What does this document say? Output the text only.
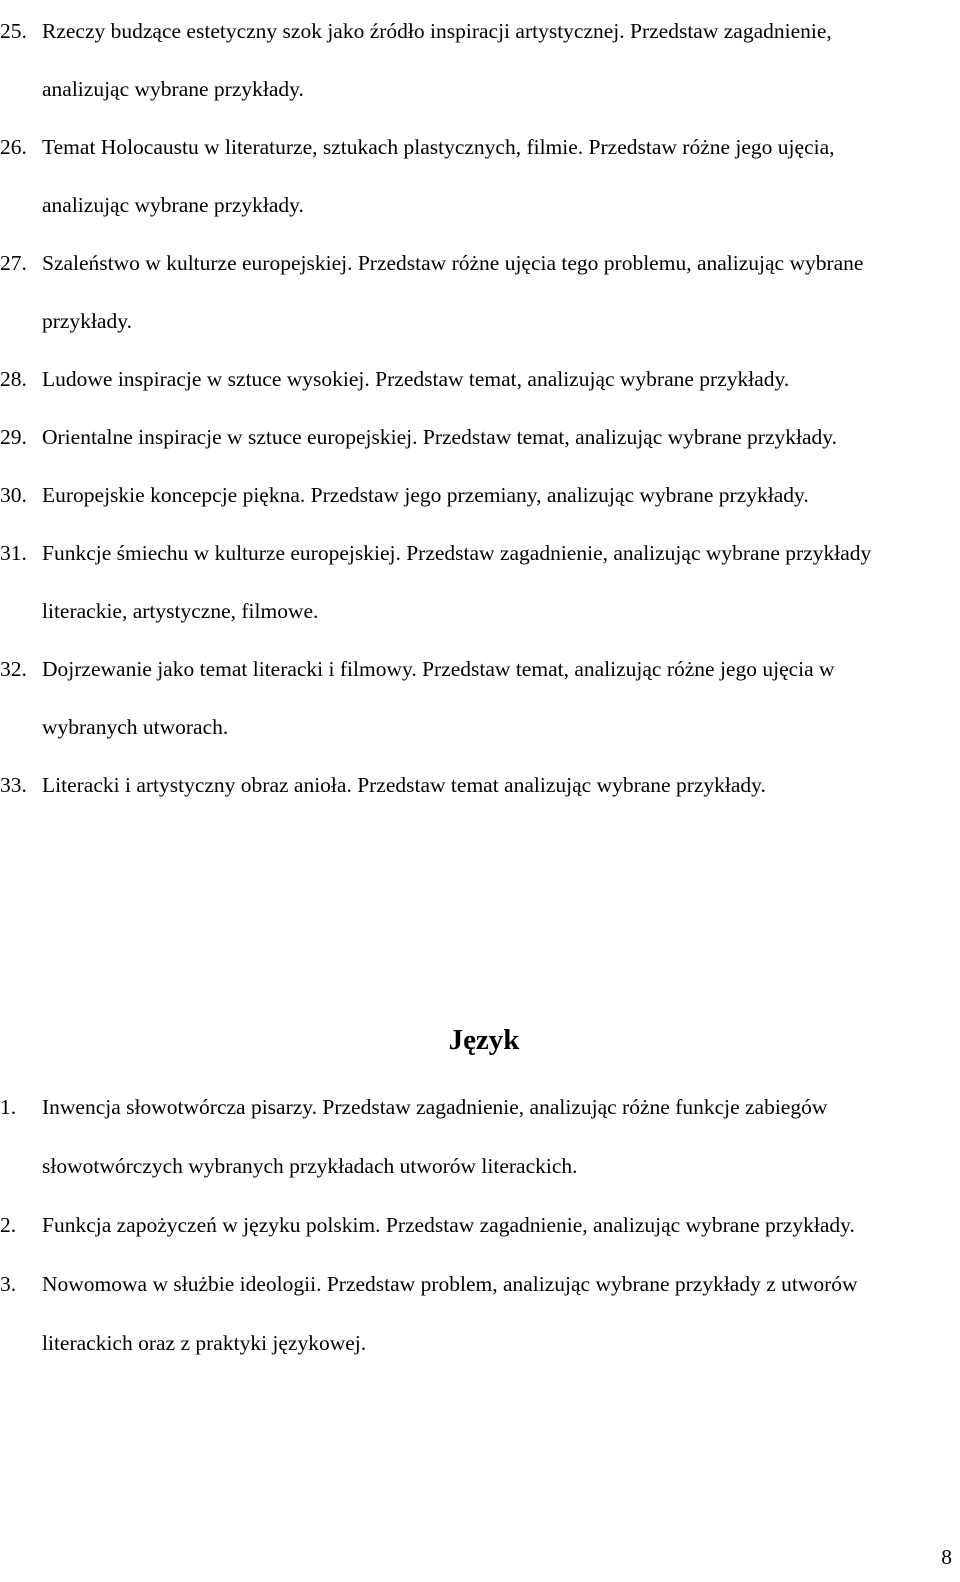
25. Rzeczy budzące estetyczny szok jako źródło inspiracji artystycznej. Przedstaw zagadnienie, analizując wybrane przykłady.
26. Temat Holocaustu w literaturze, sztukach plastycznych, filmie. Przedstaw różne jego ujęcia, analizując wybrane przykłady.
27. Szaleństwo w kulturze europejskiej. Przedstaw różne ujęcia tego problemu, analizując wybrane przykłady.
28. Ludowe inspiracje w sztuce wysokiej. Przedstaw temat, analizując wybrane przykłady.
29. Orientalne inspiracje w sztuce europejskiej. Przedstaw temat, analizując wybrane przykłady.
30. Europejskie koncepcje piękna. Przedstaw jego przemiany, analizując wybrane przykłady.
31. Funkcje śmiechu w kulturze europejskiej. Przedstaw zagadnienie, analizując wybrane przykłady literackie, artystyczne, filmowe.
32. Dojrzewanie jako temat literacki i filmowy. Przedstaw temat, analizując różne jego ujęcia w wybranych utworach.
33. Literacki i artystyczny obraz anioła. Przedstaw temat analizując wybrane przykłady.
Język
1.	Inwencja słowotwórcza pisarzy. Przedstaw zagadnienie, analizując różne funkcje zabiegów słowotwórczych wybranych przykładach utworów literackich.
2.	Funkcja zapożyczeń w języku polskim. Przedstaw zagadnienie, analizując wybrane przykłady.
3.	Nowomowa w służbie ideologii. Przedstaw problem, analizując wybrane przykłady z utworów literackich oraz z praktyki językowej.
8
